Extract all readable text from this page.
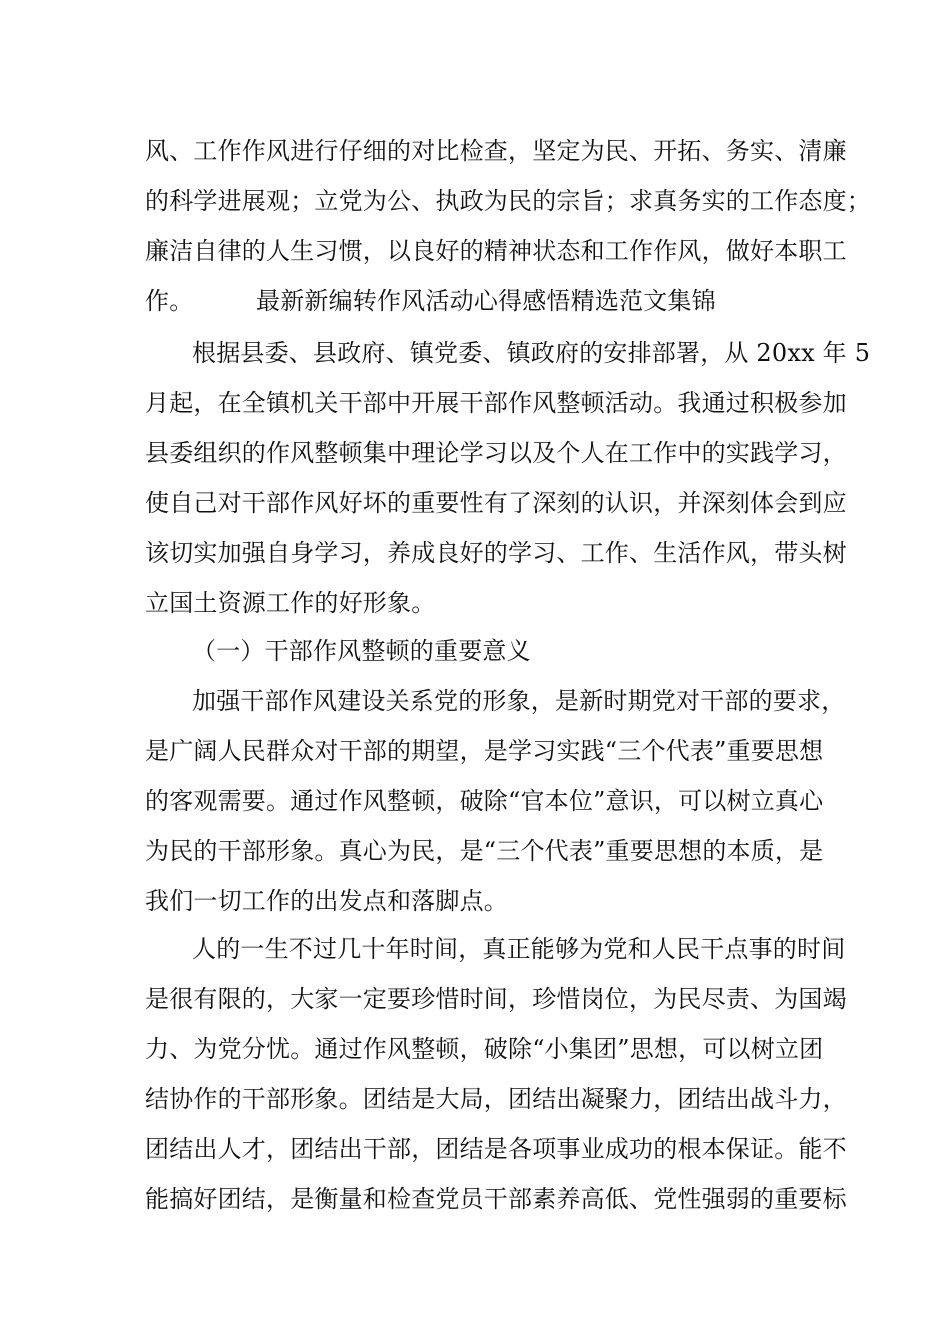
风、工作作风进行仔细的对比检查，坚定为民、开拓、务实、清廉
的科学进展观；立党为公、执政为民的宗旨；求真务实的工作态度；
廉洁自律的人生习惯，以良好的精神状态和工作作风，做好本职工
作。        最新新编转作风活动心得感悟精选范文集锦
根据县委、县政府、镇党委、镇政府的安排部署，从 20xx 年 5
月起，在全镇机关干部中开展干部作风整顿活动。我通过积极参加
县委组织的作风整顿集中理论学习以及个人在工作中的实践学习，
使自己对干部作风好坏的重要性有了深刻的认识，并深刻体会到应
该切实加强自身学习，养成良好的学习、工作、生活作风，带头树
立国土资源工作的好形象。
（一）干部作风整顿的重要意义
加强干部作风建设关系党的形象，是新时期党对干部的要求，
是广阔人民群众对干部的期望，是学习实践“三个代表”重要思想
的客观需要。通过作风整顿，破除“官本位”意识，可以树立真心
为民的干部形象。真心为民，是“三个代表”重要思想的本质，是
我们一切工作的出发点和落脚点。
人的一生不过几十年时间，真正能够为党和人民干点事的时间
是很有限的，大家一定要珍惜时间，珍惜岗位，为民尽责、为国竭
力、为党分忧。通过作风整顿，破除“小集团”思想，可以树立团
结协作的干部形象。团结是大局，团结出凝聚力，团结出战斗力，
团结出人才，团结出干部，团结是各项事业成功的根本保证。能不
能搞好团结，是衡量和检查党员干部素养高低、党性强弱的重要标
